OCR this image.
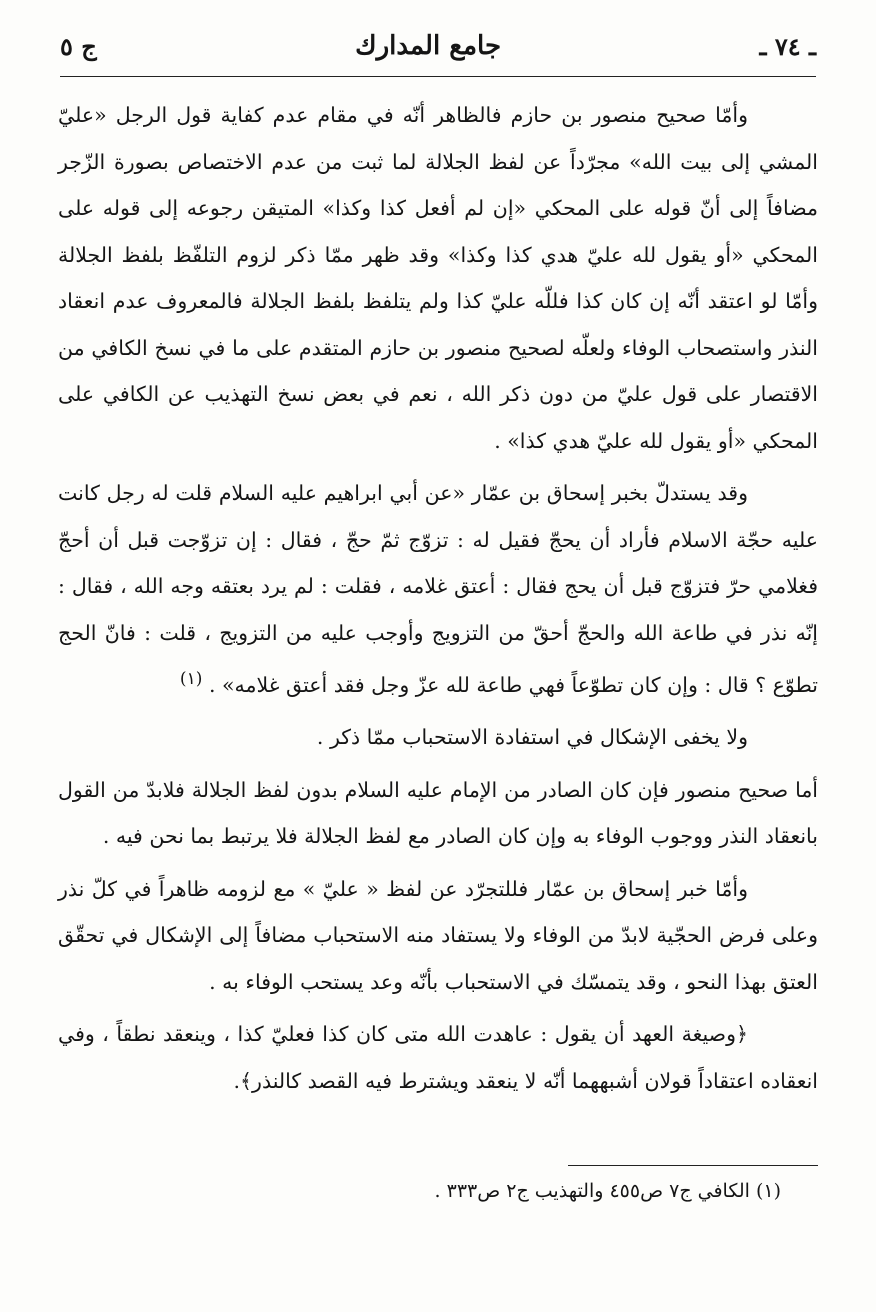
ـ ٧٤ ـ
جامع المدارك
ج ٥

وأمّا صحيح منصور بن حازم فالظاهر أنّه في مقام عدم كفاية قول الرجل «عليّ المشي إلى بيت الله» مجرّداً عن لفظ الجلالة لما ثبت من عدم الاختصاص بصورة الزّجر مضافاً إلى أنّ قوله على المحكي «إن لم أفعل كذا وكذا» المتيقن رجوعه إلى قوله على المحكي «أو يقول لله عليّ هدي كذا وكذا» وقد ظهر ممّا ذكر لزوم التلفّظ بلفظ الجلالة وأمّا لو اعتقد أنّه إن كان كذا فللّه عليّ كذا ولم يتلفظ بلفظ الجلالة فالمعروف عدم انعقاد النذر واستصحاب الوفاء ولعلّه لصحيح منصور بن حازم المتقدم على ما في نسخ الكافي من الاقتصار على قول عليّ من دون ذكر الله ، نعم في بعض نسخ التهذيب عن الكافي على المحكي «أو يقول لله عليّ هدي كذا» .

وقد يستدلّ بخبر إسحاق بن عمّار «عن أبي ابراهيم عليه السلام قلت له رجل كانت عليه حجّة الاسلام فأراد أن يحجّ فقيل له : تزوّج ثمّ حجّ ، فقال : إن تزوّجت قبل أن أحجّ فغلامي حرّ فتزوّج قبل أن يحج فقال : أعتق غلامه ، فقلت : لم يرد بعتقه وجه الله ، فقال : إنّه نذر في طاعة الله والحجّ أحقّ من التزويج وأوجب عليه من التزويج ، قلت : فانّ الحج تطوّع ؟ قال : وإن كان تطوّعاً فهي طاعة لله عزّ وجل فقد أعتق غلامه» . $^{(١)}$

ولا يخفى الإشكال في استفادة الاستحباب ممّا ذكر .

أما صحيح منصور فإن كان الصادر من الإمام عليه السلام بدون لفظ الجلالة فلابدّ من القول بانعقاد النذر ووجوب الوفاء به وإن كان الصادر مع لفظ الجلالة فلا يرتبط بما نحن فيه .

وأمّا خبر إسحاق بن عمّار فللتجرّد عن لفظ « عليّ » مع لزومه ظاهراً في كلّ نذر وعلى فرض الحجّية لابدّ من الوفاء ولا يستفاد منه الاستحباب مضافاً إلى الإشكال في تحقّق العتق بهذا النحو ، وقد يتمسّك في الاستحباب بأنّه وعد يستحب الوفاء به .

﴿وصيغة العهد أن يقول : عاهدت الله متى كان كذا فعليّ كذا ، وينعقد نطقاً ، وفي انعقاده اعتقاداً قولان أشبههما أنّه لا ينعقد ويشترط فيه القصد كالنذر﴾.

(١) الكافي ج٧ ص٤٥٥ والتهذيب ج٢ ص٣٣٣ .
